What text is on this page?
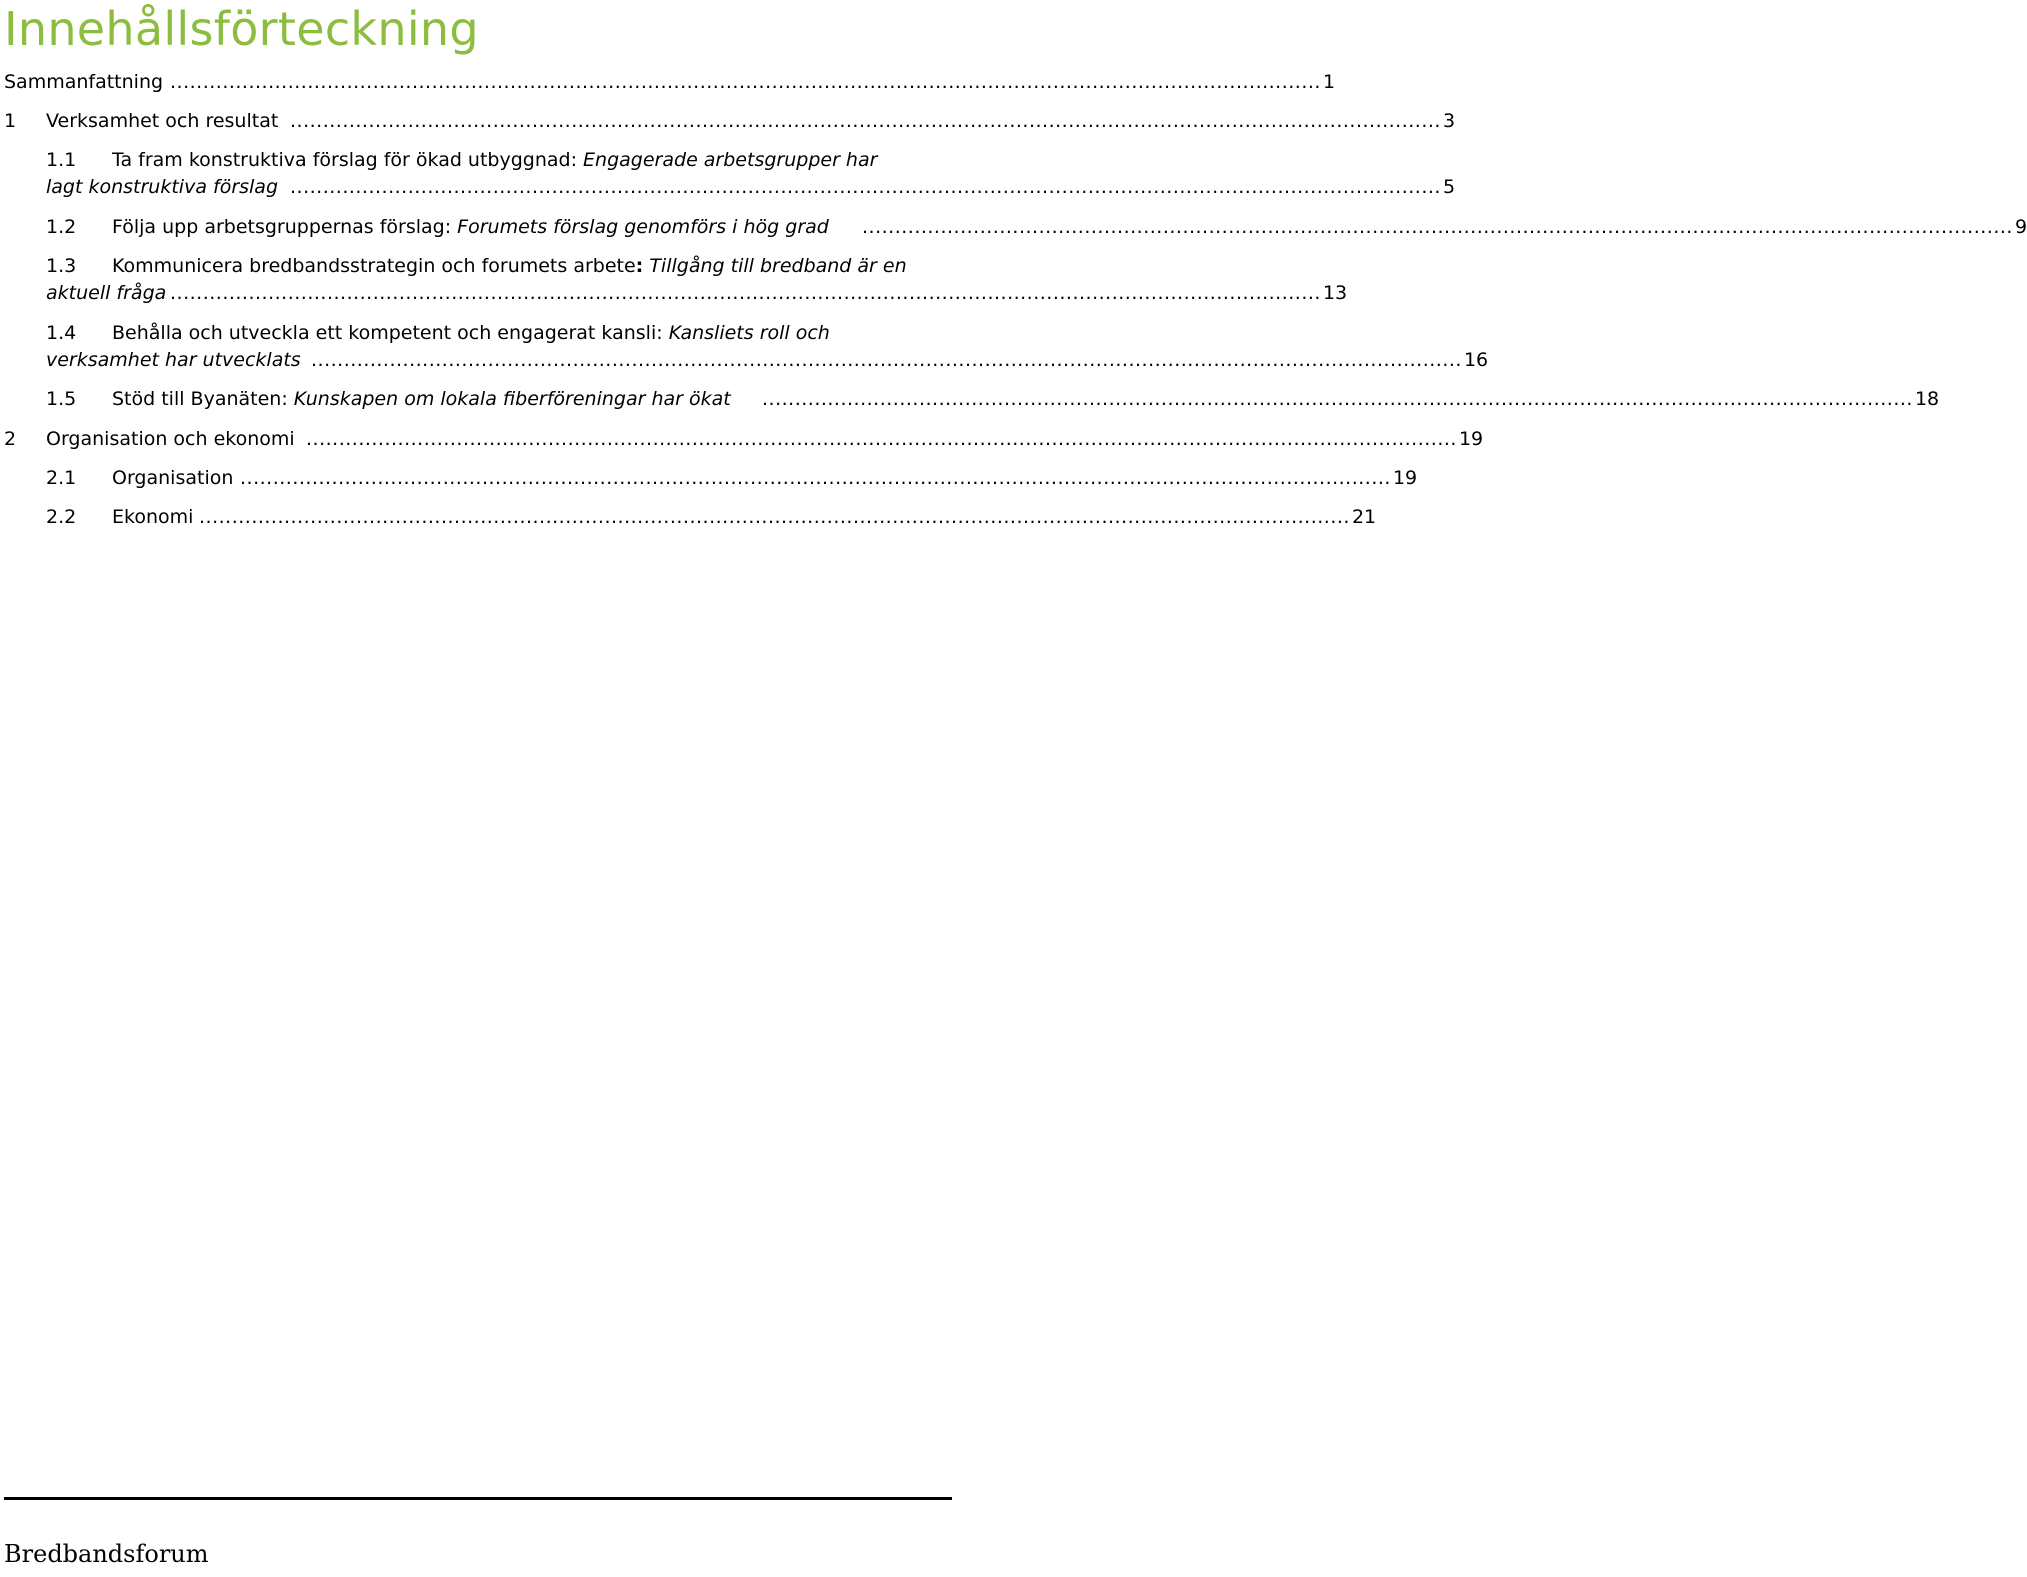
Innehållsförteckning
Sammanfattning ................................................................................................................................................................................ 1
1 Verksamhet och resultat ................................................................................................................................................................................ 3
1.1 Ta fram konstruktiva förslag för ökad utbyggnad: Engagerade arbetsgrupper har
lagt konstruktiva förslag ................................................................................................................................................................................ 5
1.2 Följa upp arbetsgruppernas förslag: Forumets förslag genomförs i hög grad ................................................................................................................................................................................ 9
1.3 Kommunicera bredbandsstrategin och forumets arbete: Tillgång till bredband är en
aktuell fråga ................................................................................................................................................................................ 13
1.4 Behålla och utveckla ett kompetent och engagerat kansli: Kansliets roll och
verksamhet har utvecklats ................................................................................................................................................................................ 16
1.5 Stöd till Byanäten: Kunskapen om lokala fiberföreningar har ökat ................................................................................................................................................................................ 18
2 Organisation och ekonomi ................................................................................................................................................................................ 19
2.1 Organisation ................................................................................................................................................................................ 19
2.2 Ekonomi ................................................................................................................................................................................ 21
Bredbandsforum
